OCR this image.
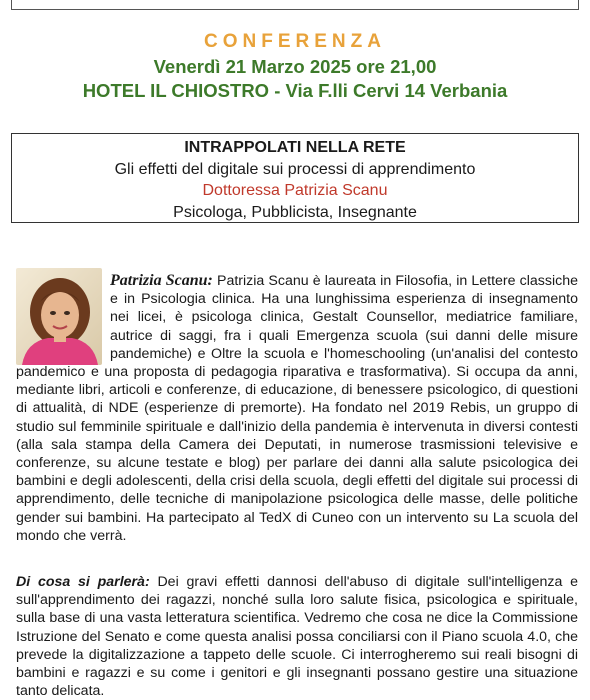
CONFERENZA
Venerdì 21 Marzo 2025 ore 21,00
HOTEL IL CHIOSTRO - Via F.lli Cervi 14 Verbania
INTRAPPOLATI NELLA RETE
Gli effetti del digitale sui processi di apprendimento
Dottoressa Patrizia Scanu
Psicologa, Pubblicista, Insegnante
Patrizia Scanu: Patrizia Scanu è laureata in Filosofia, in Lettere classiche e in Psicologia clinica. Ha una lunghissima esperienza di insegnamento nei licei, è psicologa clinica, Gestalt Counsellor, mediatrice familiare, autrice di saggi, fra i quali Emergenza scuola (sui danni delle misure pandemiche) e Oltre la scuola e l'homeschooling (un'analisi del contesto pandemico e una proposta di pedagogia riparativa e trasformativa). Si occupa da anni, mediante libri, articoli e conferenze, di educazione, di benessere psicologico, di questioni di attualità, di NDE (esperienze di premorte). Ha fondato nel 2019 Rebis, un gruppo di studio sul femminile spirituale e dall'inizio della pandemia è intervenuta in diversi contesti (alla sala stampa della Camera dei Deputati, in numerose trasmissioni televisive e conferenze, su alcune testate e blog) per parlare dei danni alla salute psicologica dei bambini e degli adolescenti, della crisi della scuola, degli effetti del digitale sui processi di apprendimento, delle tecniche di manipolazione psicologica delle masse, delle politiche gender sui bambini. Ha partecipato al TedX di Cuneo con un intervento su La scuola del mondo che verrà.
Di cosa si parlerà: Dei gravi effetti dannosi dell'abuso di digitale sull'intelligenza e sull'apprendimento dei ragazzi, nonché sulla loro salute fisica, psicologica e spirituale, sulla base di una vasta letteratura scientifica. Vedremo che cosa ne dice la Commissione Istruzione del Senato e come questa analisi possa conciliarsi con il Piano scuola 4.0, che prevede la digitalizzazione a tappeto delle scuole. Ci interrogheremo sui reali bisogni di bambini e ragazzi e su come i genitori e gli insegnanti possano gestire una situazione tanto delicata.
